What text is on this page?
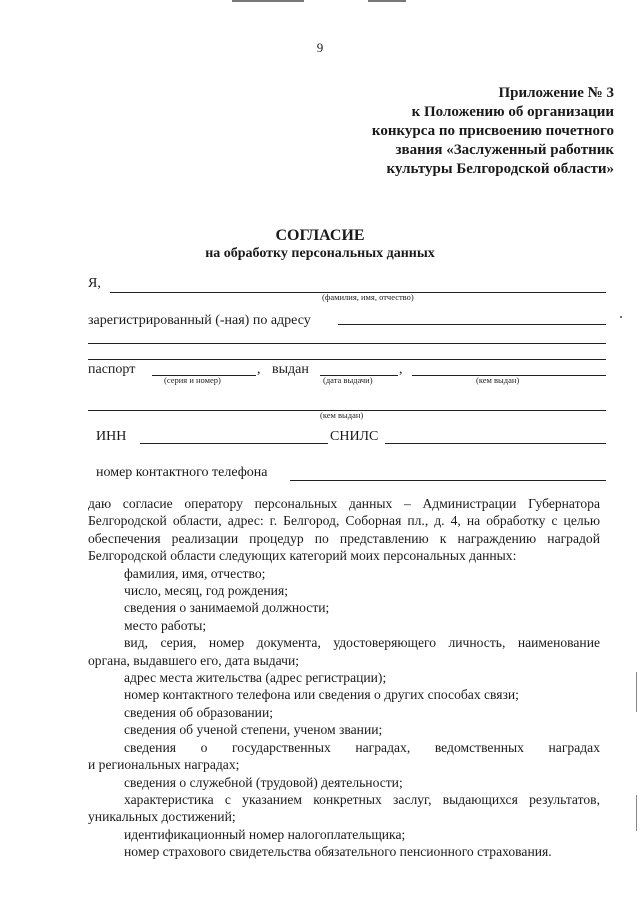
9
Приложение № 3
к Положению об организации
конкурса по присвоению почетного
звания «Заслуженный работник
культуры Белгородской области»
СОГЛАСИЕ
на обработку персональных данных
Я,
(фамилия, имя, отчество)
зарегистрированный (-ная) по адресу
паспорт
(серия и номер)
, выдан
(дата выдачи)
,
(кем выдан)
(кем выдан)
ИНН	СНИЛС
номер контактного телефона
даю согласие оператору персональных данных – Администрации Губернатора
Белгородской области, адрес: г. Белгород, Соборная пл., д. 4, на обработку с целью
обеспечения реализации процедур по представлению к награждению наградой
Белгородской области следующих категорий моих персональных данных:
фамилия, имя, отчество;
число, месяц, год рождения;
сведения о занимаемой должности;
место работы;
вид, серия, номер документа, удостоверяющего личность, наименование
органа, выдавшего его, дата выдачи;
адрес места жительства (адрес регистрации);
номер контактного телефона или сведения о других способах связи;
сведения об образовании;
сведения об ученой степени, ученом звании;
сведения о государственных наградах, ведомственных наградах
и региональных наградах;
сведения о служебной (трудовой) деятельности;
характеристика с указанием конкретных заслуг, выдающихся результатов,
уникальных достижений;
идентификационный номер налогоплательщика;
номер страхового свидетельства обязательного пенсионного страхования.
